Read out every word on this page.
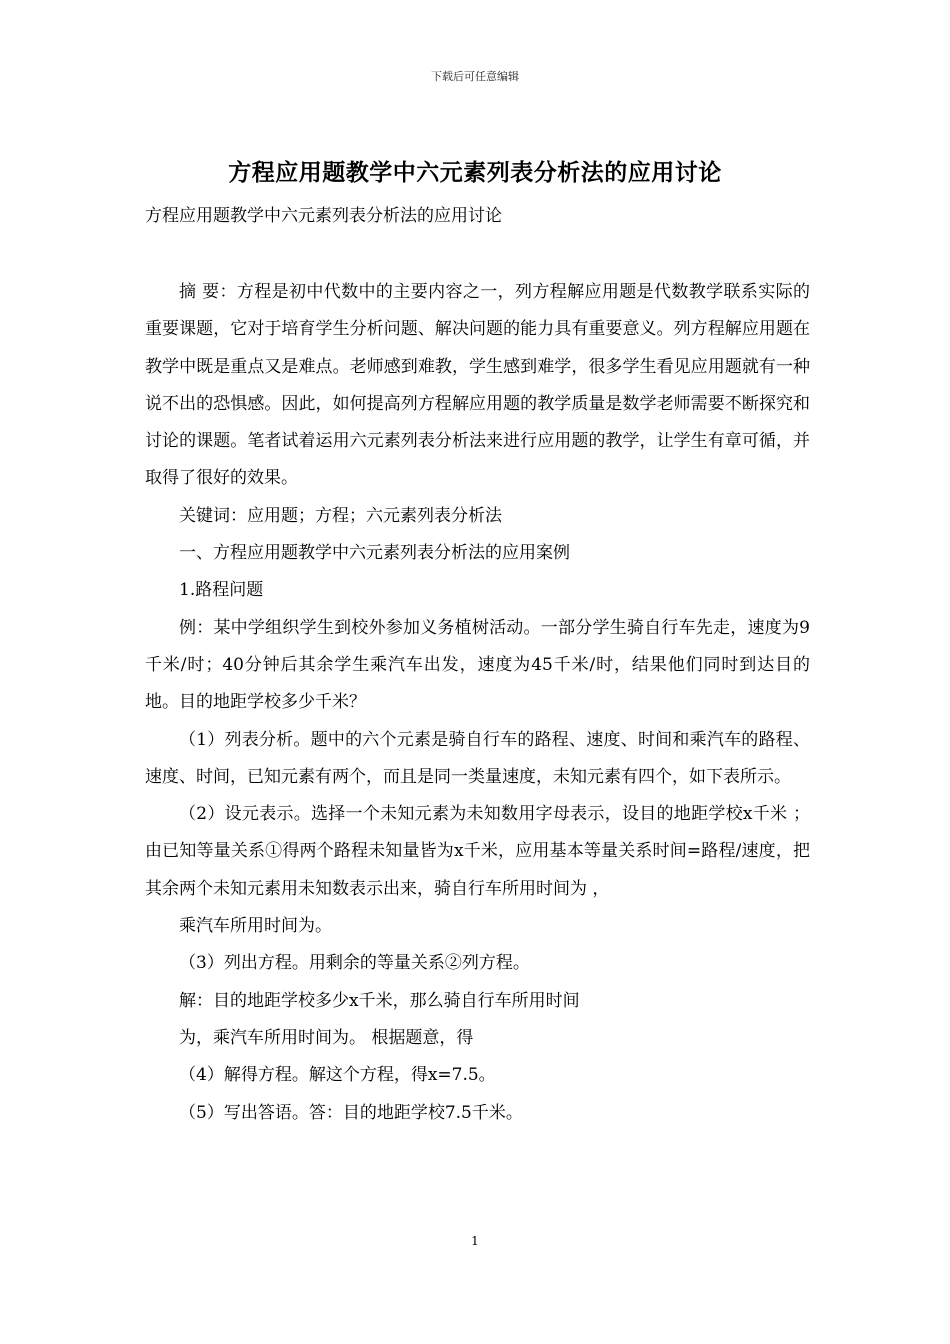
下载后可任意编辑
方程应用题教学中六元素列表分析法的应用讨论
方程应用题教学中六元素列表分析法的应用讨论

摘 要：方程是初中代数中的主要内容之一，列方程解应用题是代数教学联系实际的重要课题，它对于培育学生分析问题、解决问题的能力具有重要意义。列方程解应用题在教学中既是重点又是难点。老师感到难教，学生感到难学，很多学生看见应用题就有一种说不出的恐惧感。因此，如何提高列方程解应用题的教学质量是数学老师需要不断探究和讨论的课题。笔者试着运用六元素列表分析法来进行应用题的教学，让学生有章可循，并取得了很好的效果。

关键词：应用题；方程；六元素列表分析法

一、方程应用题教学中六元素列表分析法的应用案例

1.路程问题

例：某中学组织学生到校外参加义务植树活动。一部分学生骑自行车先走，速度为9千米/时；40分钟后其余学生乘汽车出发，速度为45千米/时，结果他们同时到达目的地。目的地距学校多少千米？

（1）列表分析。题中的六个元素是骑自行车的路程、速度、时间和乘汽车的路程、速度、时间，已知元素有两个，而且是同一类量速度，未知元素有四个，如下表所示。

（2）设元表示。选择一个未知元素为未知数用字母表示，设目的地距学校x千米 ；由已知等量关系①得两个路程未知量皆为x千米，应用基本等量关系时间=路程/速度，把其余两个未知元素用未知数表示出来，骑自行车所用时间为 ，

乘汽车所用时间为。

（3）列出方程。用剩余的等量关系②列方程。

解：目的地距学校多少x千米，那么骑自行车所用时间

为，乘汽车所用时间为。 根据题意，得

（4）解得方程。解这个方程，得x=7.5。

（5）写出答语。答：目的地距学校7.5千米。

1
